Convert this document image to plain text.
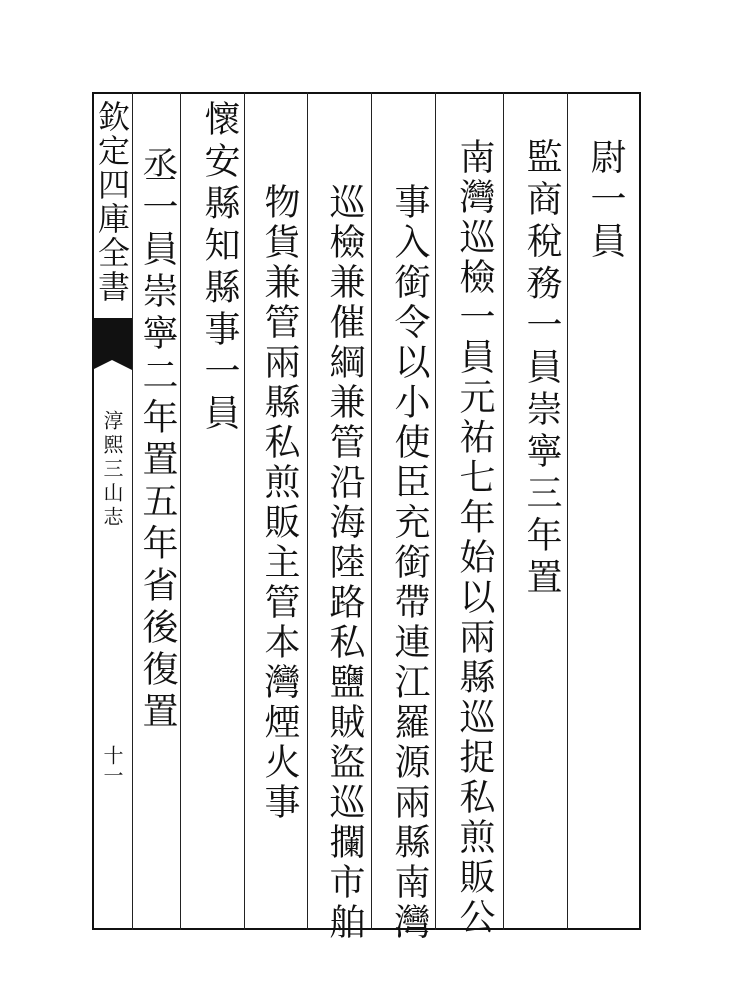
欽定四庫全書
淳熙三山志
十一
尉一員
監商稅務一員崇寧三年置
南灣巡檢一員元祐七年始以兩縣巡捉私煎販公
事入銜令以小使臣充銜帶連江羅源兩縣南灣
巡檢兼催綱兼管沿海陸路私鹽賊盜巡攔市舶
物貨兼管兩縣私煎販主管本灣煙火事
懷安縣知縣事一員
丞一員崇寧二年置五年省後復置
